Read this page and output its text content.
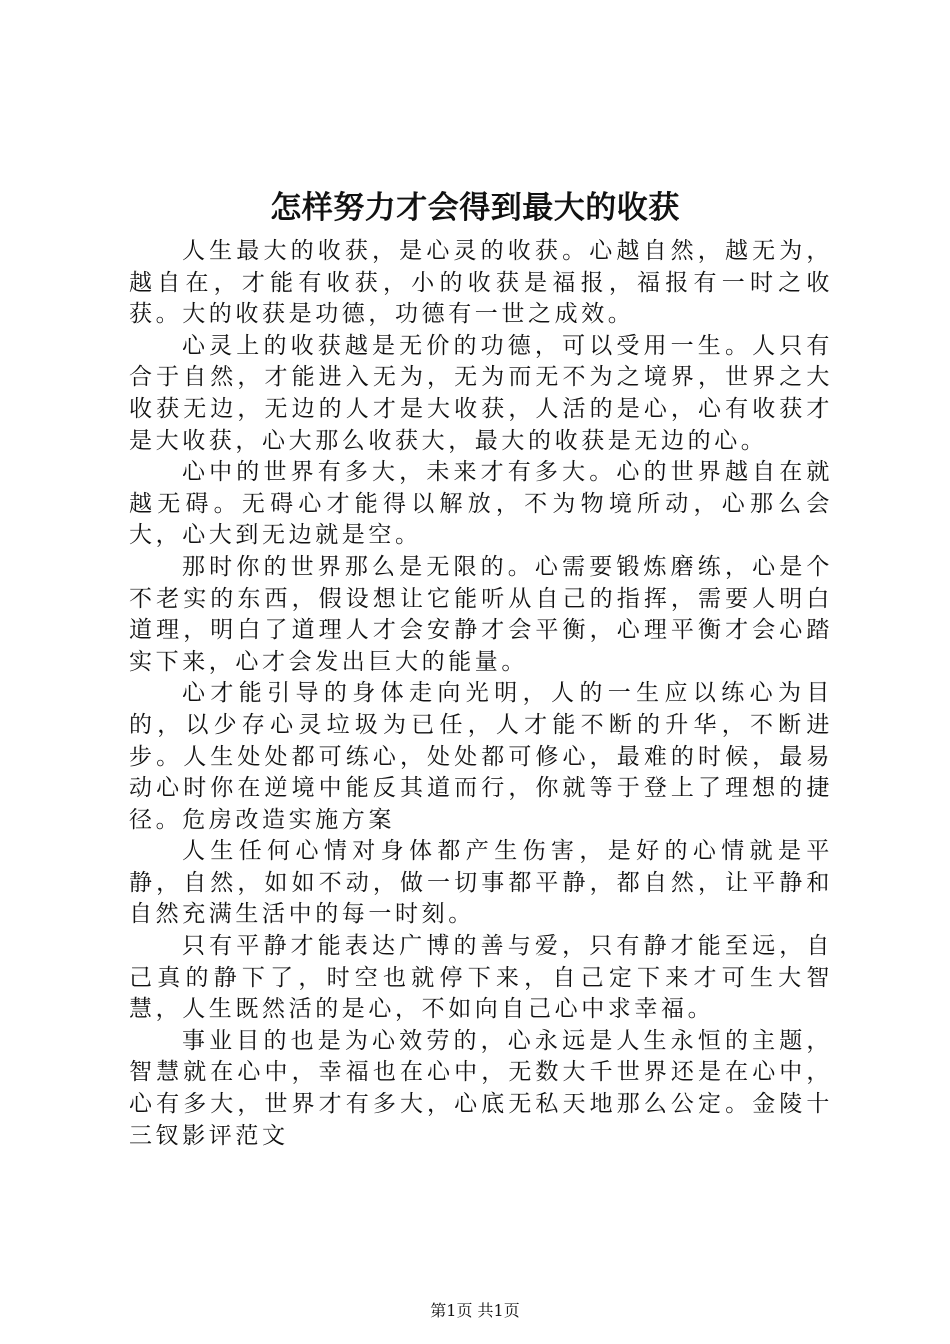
怎样努力才会得到最大的收获

人生最大的收获，是心灵的收获。心越自然，越无为，越自在，才能有收获，小的收获是福报，福报有一时之收获。大的收获是功德，功德有一世之成效。

心灵上的收获越是无价的功德，可以受用一生。人只有合于自然，才能进入无为，无为而无不为之境界，世界之大收获无边，无边的人才是大收获，人活的是心，心有收获才是大收获，心大那么收获大，最大的收获是无边的心。

心中的世界有多大，未来才有多大。心的世界越自在就越无碍。无碍心才能得以解放，不为物境所动，心那么会大，心大到无边就是空。

那时你的世界那么是无限的。心需要锻炼磨练，心是个不老实的东西，假设想让它能听从自己的指挥，需要人明白道理，明白了道理人才会安静才会平衡，心理平衡才会心踏实下来，心才会发出巨大的能量。

心才能引导的身体走向光明，人的一生应以练心为目的，以少存心灵垃圾为已任，人才能不断的升华，不断进步。人生处处都可练心，处处都可修心，最难的时候，最易动心时你在逆境中能反其道而行，你就等于登上了理想的捷径。危房改造实施方案

人生任何心情对身体都产生伤害，是好的心情就是平静，自然，如如不动，做一切事都平静，都自然，让平静和自然充满生活中的每一时刻。

只有平静才能表达广博的善与爱，只有静才能至远，自己真的静下了，时空也就停下来，自己定下来才可生大智慧，人生既然活的是心，不如向自己心中求幸福。

事业目的也是为心效劳的，心永远是人生永恒的主题，智慧就在心中，幸福也在心中，无数大千世界还是在心中，心有多大，世界才有多大，心底无私天地那么公定。金陵十三钗影评范文

第1页 共1页
